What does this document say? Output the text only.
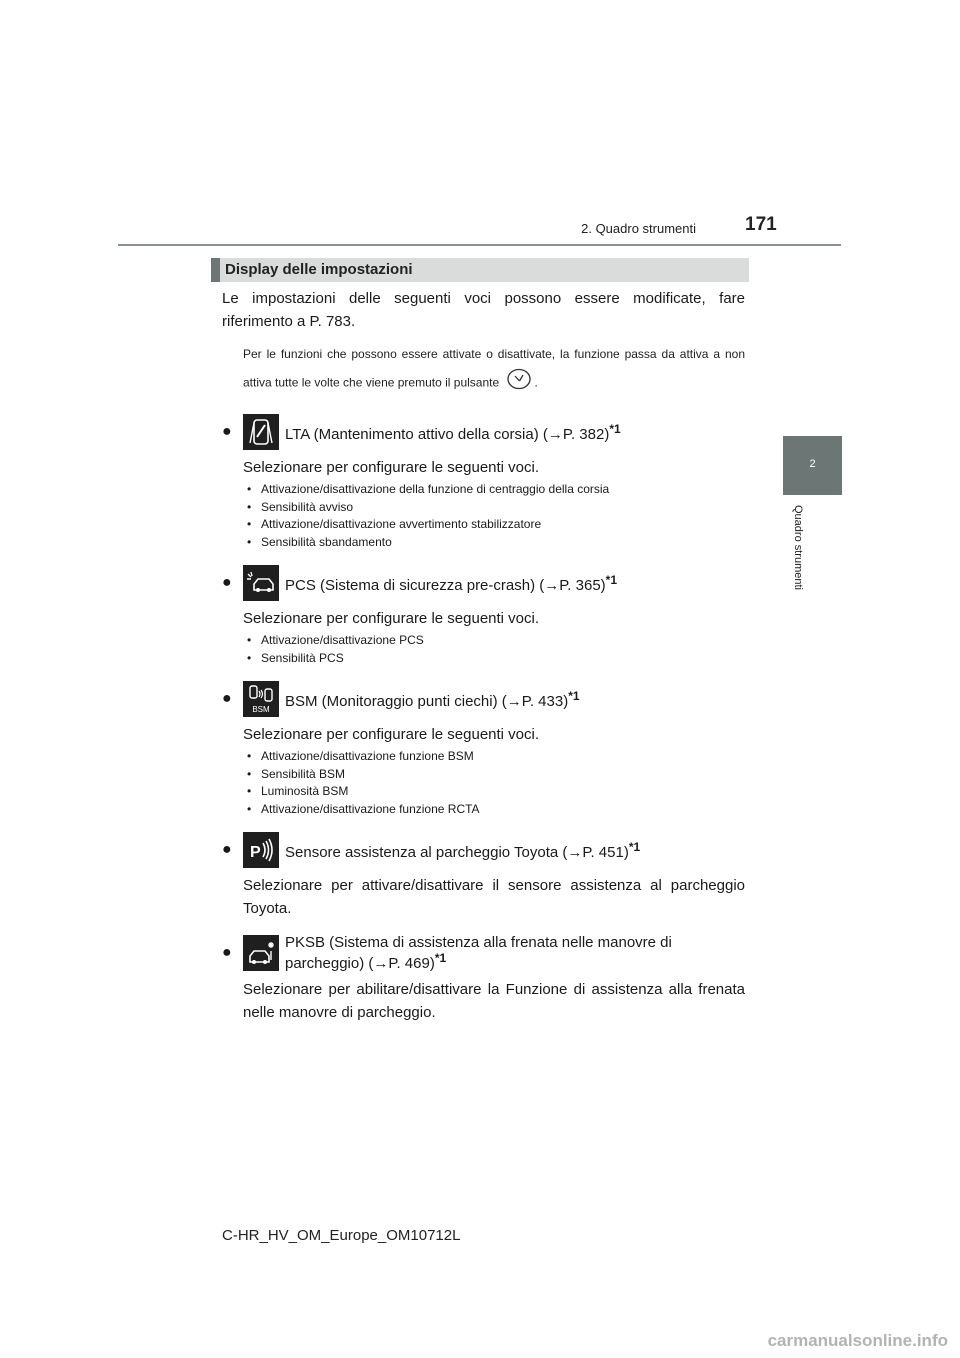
2. Quadro strumenti	171
2
Quadro strumenti
Display delle impostazioni

Le impostazioni delle seguenti voci possono essere modificate, fare riferimento a P. 783.

Per le funzioni che possono essere attivate o disattivate, la funzione passa da attiva a non attiva tutte le volte che viene premuto il pulsante	.

●	LTA (Mantenimento attivo della corsia) (→P. 382)$^{*1}$

Selezionare per configurare le seguenti voci.

• Attivazione/disattivazione della funzione di centraggio della corsia
• Sensibilità avviso
• Attivazione/disattivazione avvertimento stabilizzatore
• Sensibilità sbandamento
●	PCS (Sistema di sicurezza pre-crash) (→P. 365)$^{*1}$

Selezionare per configurare le seguenti voci.

• Attivazione/disattivazione PCS
• Sensibilità PCS
●
BSM BSM (Monitoraggio punti ciechi) (→P. 433)$^{*1}$

Selezionare per configurare le seguenti voci.

• Attivazione/disattivazione funzione BSM
• Sensibilità BSM
• Luminosità BSM
• Attivazione/disattivazione funzione RCTA
● P Sensore assistenza al parcheggio Toyota (→P. 451)$^{*1}$

Selezionare per attivare/disattivare il sensore assistenza al parcheggio Toyota.

●
PKSB (Sistema di assistenza alla frenata nelle manovre di parcheggio) (→P. 469)$^{*1}$

Selezionare per abilitare/disattivare la Funzione di assistenza alla frenata nelle manovre di parcheggio.

C-HR_HV_OM_Europe_OM10712L
carmanualsonline.info
